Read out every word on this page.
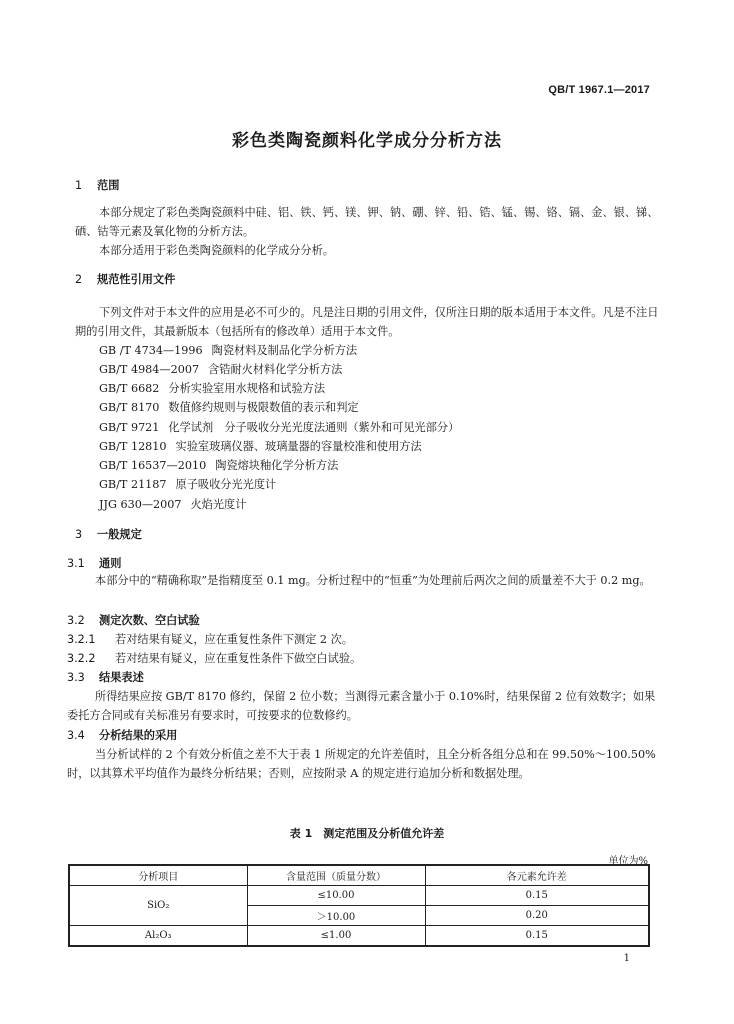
QB/T 1967.1—2017
彩色类陶瓷颜料化学成分分析方法
1 范围
本部分规定了彩色类陶瓷颜料中硅、铝、铁、钙、镁、钾、钠、硼、锌、铅、锆、锰、锡、铬、镉、金、银、锑、硒、钴等元素及氧化物的分析方法。
本部分适用于彩色类陶瓷颜料的化学成分分析。
2 规范性引用文件
下列文件对于本文件的应用是必不可少的。凡是注日期的引用文件，仅所注日期的版本适用于本文件。凡是不注日期的引用文件，其最新版本（包括所有的修改单）适用于本文件。
GB /T 4734—1996 陶瓷材料及制品化学分析方法
GB/T 4984—2007 含锆耐火材料化学分析方法
GB/T 6682 分析实验室用水规格和试验方法
GB/T 8170 数值修约规则与极限数值的表示和判定
GB/T 9721 化学试剂　分子吸收分光光度法通则（紫外和可见光部分）
GB/T 12810 实验室玻璃仪器、玻璃量器的容量校准和使用方法
GB/T 16537—2010 陶瓷熔块釉化学分析方法
GB/T 21187 原子吸收分光光度计
JJG 630—2007 火焰光度计
3 一般规定
3.1 通则
本部分中的“精确称取”是指精度至 0.1 mg。分析过程中的“恒重”为处理前后两次之间的质量差不大于 0.2 mg。
3.2 测定次数、空白试验
3.2.1 若对结果有疑义，应在重复性条件下测定 2 次。
3.2.2 若对结果有疑义，应在重复性条件下做空白试验。
3.3 结果表述
所得结果应按 GB/T 8170 修约，保留 2 位小数；当测得元素含量小于 0.10%时，结果保留 2 位有效数字；如果委托方合同或有关标准另有要求时，可按要求的位数修约。
3.4 分析结果的采用
当分析试样的 2 个有效分析值之差不大于表 1 所规定的允许差值时，且全分析各组分总和在 99.50%～100.50%时，以其算术平均值作为最终分析结果；否则，应按附录 A 的规定进行追加分析和数据处理。
表 1　测定范围及分析值允许差
单位为%
分析项目	含量范围（质量分数）	各元素允许差
SiO₂	≤10.00	0.15
	＞10.00	0.20
Al₂O₃	≤1.00	0.15
1
